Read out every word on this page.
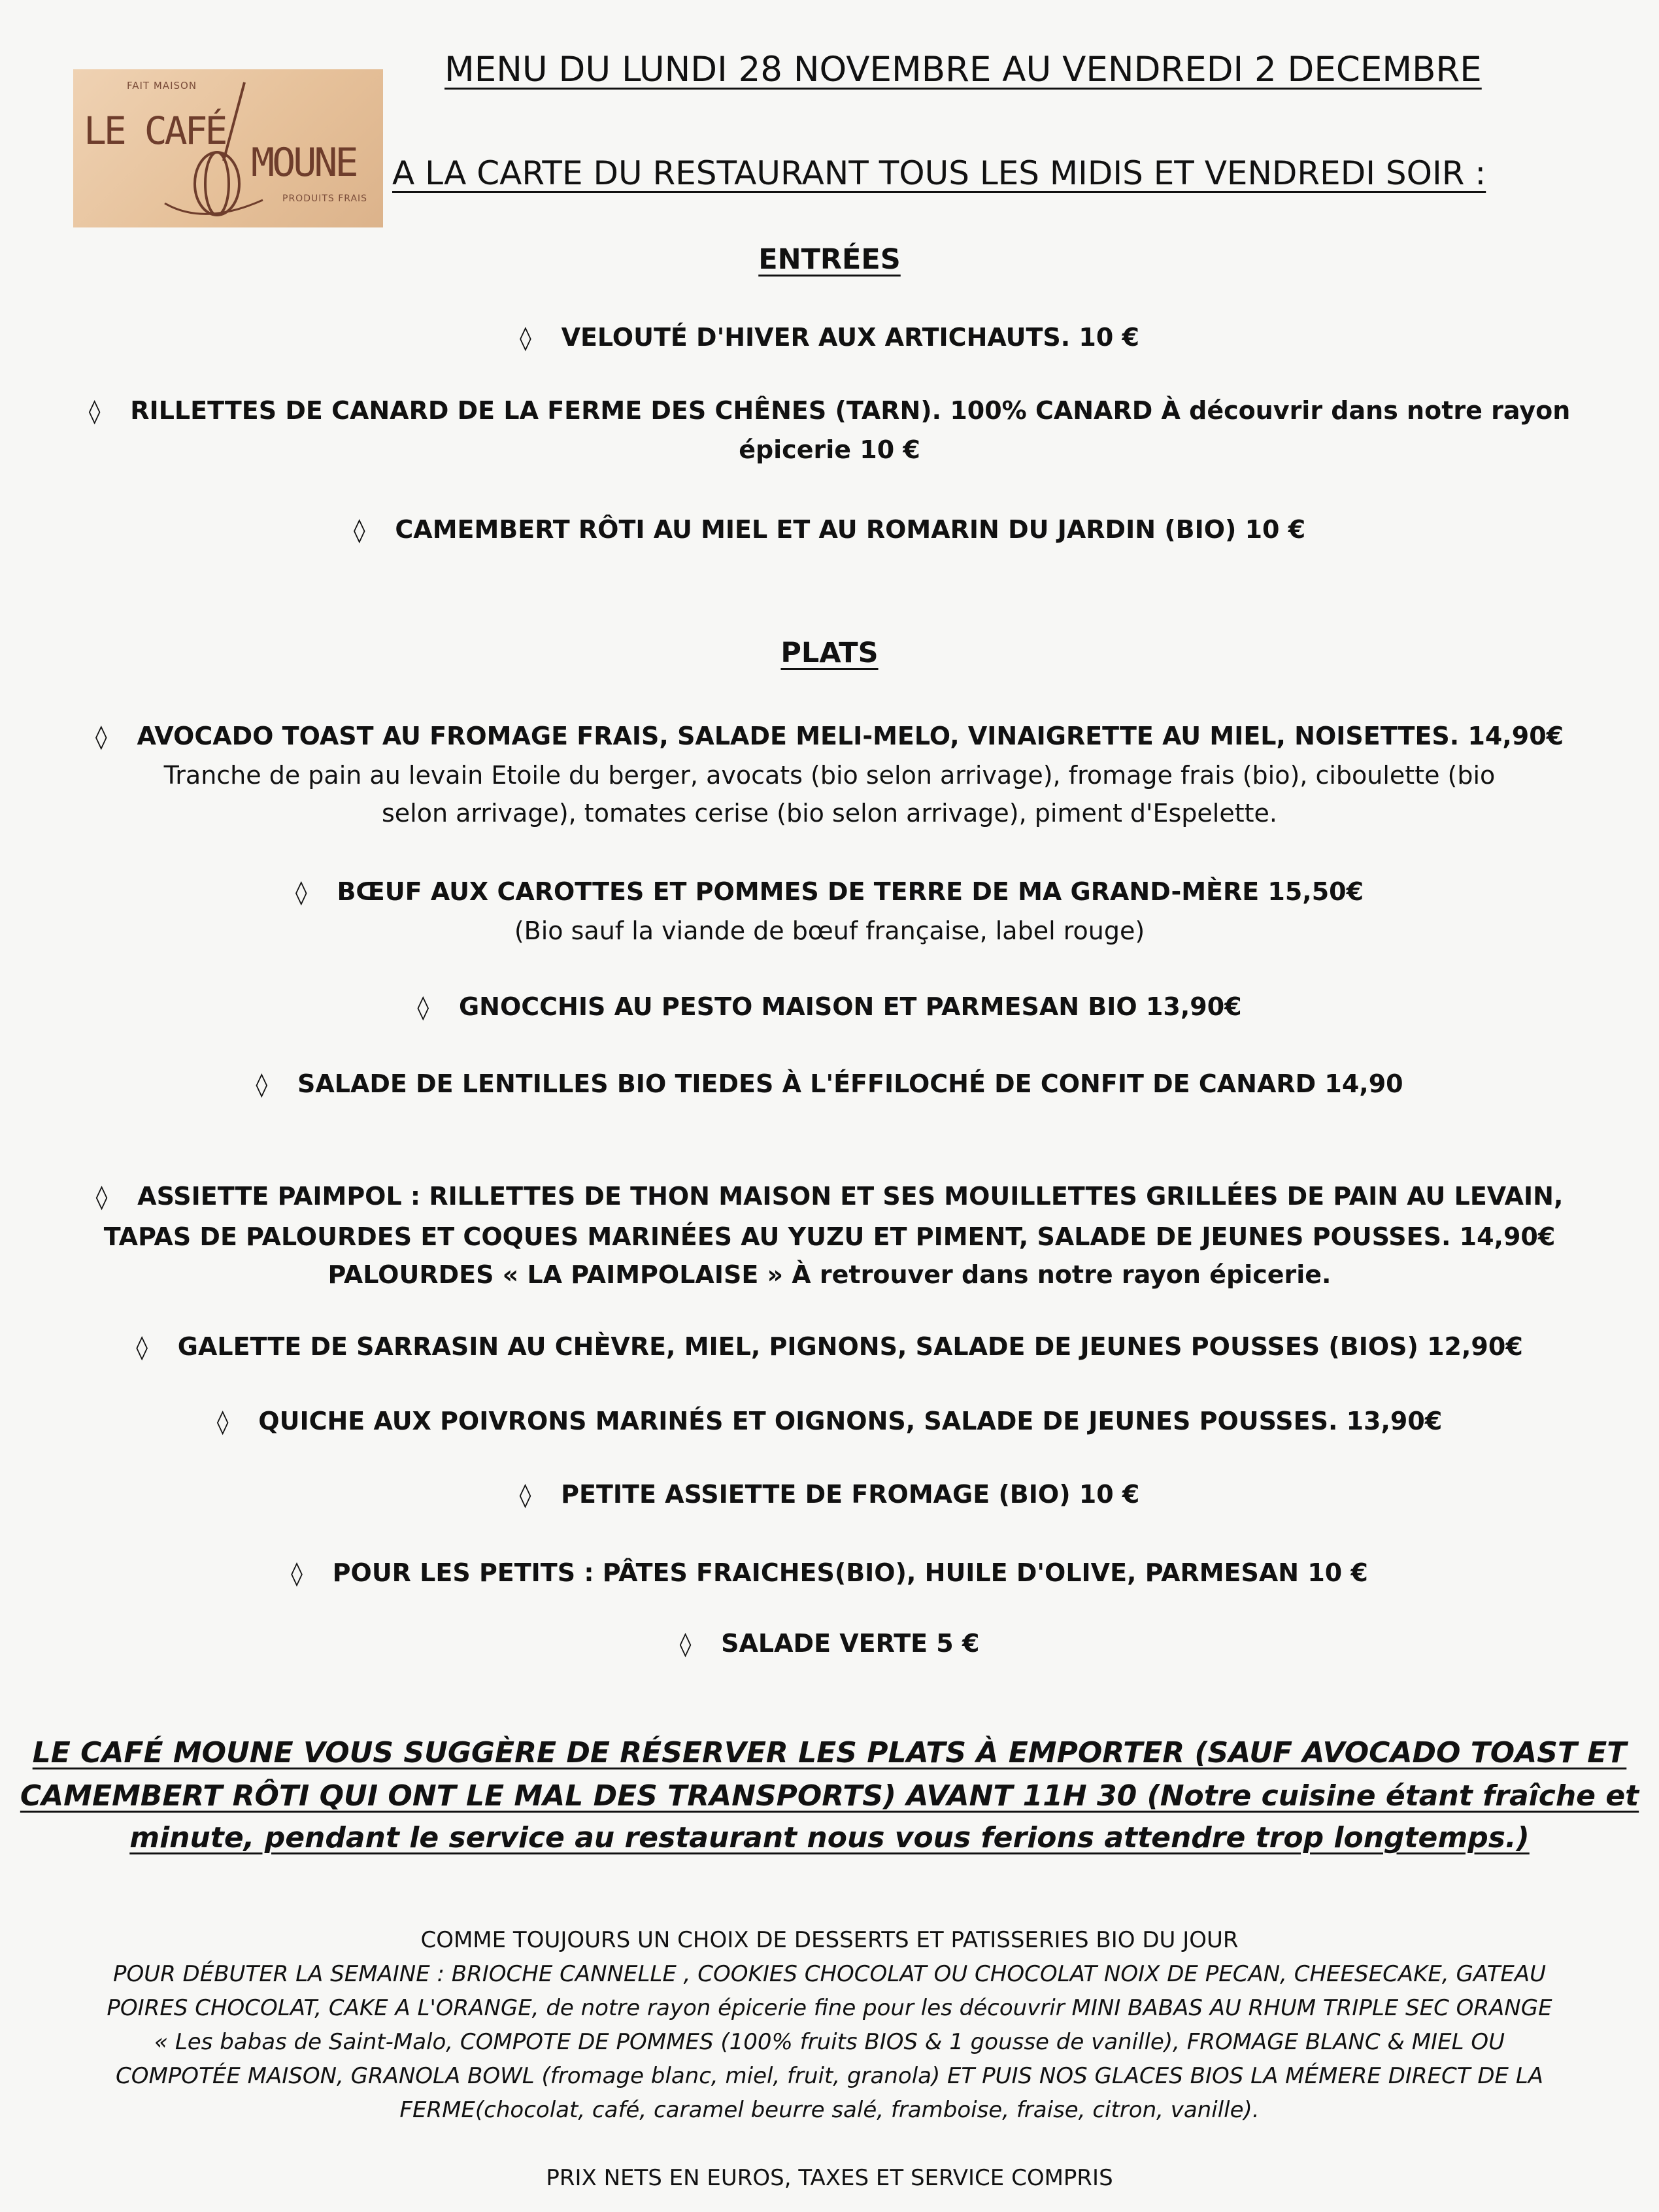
FAIT MAISON
LE CAFÉ
MOUNE
PRODUITS FRAIS
MENU DU LUNDI 28 NOVEMBRE AU VENDREDI 2 DECEMBRE
A LA CARTE DU RESTAURANT TOUS LES MIDIS ET VENDREDI SOIR :
ENTRÉES
◊    VELOUTÉ D'HIVER AUX ARTICHAUTS. 10 €
◊    RILLETTES DE CANARD DE LA FERME DES CHÊNES (TARN). 100% CANARD À découvrir dans notre rayon
épicerie 10 €
◊    CAMEMBERT RÔTI AU MIEL ET AU ROMARIN DU JARDIN (BIO) 10 €
PLATS
◊    AVOCADO TOAST AU FROMAGE FRAIS, SALADE MELI-MELO, VINAIGRETTE AU MIEL, NOISETTES. 14,90€
Tranche de pain au levain Etoile du berger, avocats (bio selon arrivage), fromage frais (bio), ciboulette (bio
selon arrivage), tomates cerise (bio selon arrivage), piment d'Espelette.
◊    BŒUF AUX CAROTTES ET POMMES DE TERRE DE MA GRAND-MÈRE 15,50€
(Bio sauf la viande de bœuf française, label rouge)
◊    GNOCCHIS AU PESTO MAISON ET PARMESAN BIO 13,90€
◊    SALADE DE LENTILLES BIO TIEDES À L'ÉFFILOCHÉ DE CONFIT DE CANARD 14,90
◊    ASSIETTE PAIMPOL : RILLETTES DE THON MAISON ET SES MOUILLETTES GRILLÉES DE PAIN AU LEVAIN,
TAPAS DE PALOURDES ET COQUES MARINÉES AU YUZU ET PIMENT, SALADE DE JEUNES POUSSES. 14,90€
PALOURDES « LA PAIMPOLAISE » À retrouver dans notre rayon épicerie.
◊    GALETTE DE SARRASIN AU CHÈVRE, MIEL, PIGNONS, SALADE DE JEUNES POUSSES (BIOS) 12,90€
◊    QUICHE AUX POIVRONS MARINÉS ET OIGNONS, SALADE DE JEUNES POUSSES. 13,90€
◊    PETITE ASSIETTE DE FROMAGE (BIO) 10 €
◊    POUR LES PETITS : PÂTES FRAICHES(BIO), HUILE D'OLIVE, PARMESAN 10 €
◊    SALADE VERTE 5 €
LE CAFÉ MOUNE VOUS SUGGÈRE DE RÉSERVER LES PLATS À EMPORTER (SAUF AVOCADO TOAST ET
CAMEMBERT RÔTI QUI ONT LE MAL DES TRANSPORTS) AVANT 11H 30 (Notre cuisine étant fraîche et
minute, pendant le service au restaurant nous vous ferions attendre trop longtemps.)
COMME TOUJOURS UN CHOIX DE DESSERTS ET PATISSERIES BIO DU JOUR
POUR DÉBUTER LA SEMAINE : BRIOCHE CANNELLE , COOKIES CHOCOLAT OU CHOCOLAT NOIX DE PECAN, CHEESECAKE, GATEAU
POIRES CHOCOLAT, CAKE A L'ORANGE, de notre rayon épicerie fine pour les découvrir MINI BABAS AU RHUM TRIPLE SEC ORANGE
« Les babas de Saint-Malo, COMPOTE DE POMMES (100% fruits BIOS & 1 gousse de vanille), FROMAGE BLANC & MIEL OU
COMPOTÉE MAISON, GRANOLA BOWL (fromage blanc, miel, fruit, granola) ET PUIS NOS GLACES BIOS LA MÉMERE DIRECT DE LA
FERME(chocolat, café, caramel beurre salé, framboise, fraise, citron, vanille).
PRIX NETS EN EUROS, TAXES ET SERVICE COMPRIS
